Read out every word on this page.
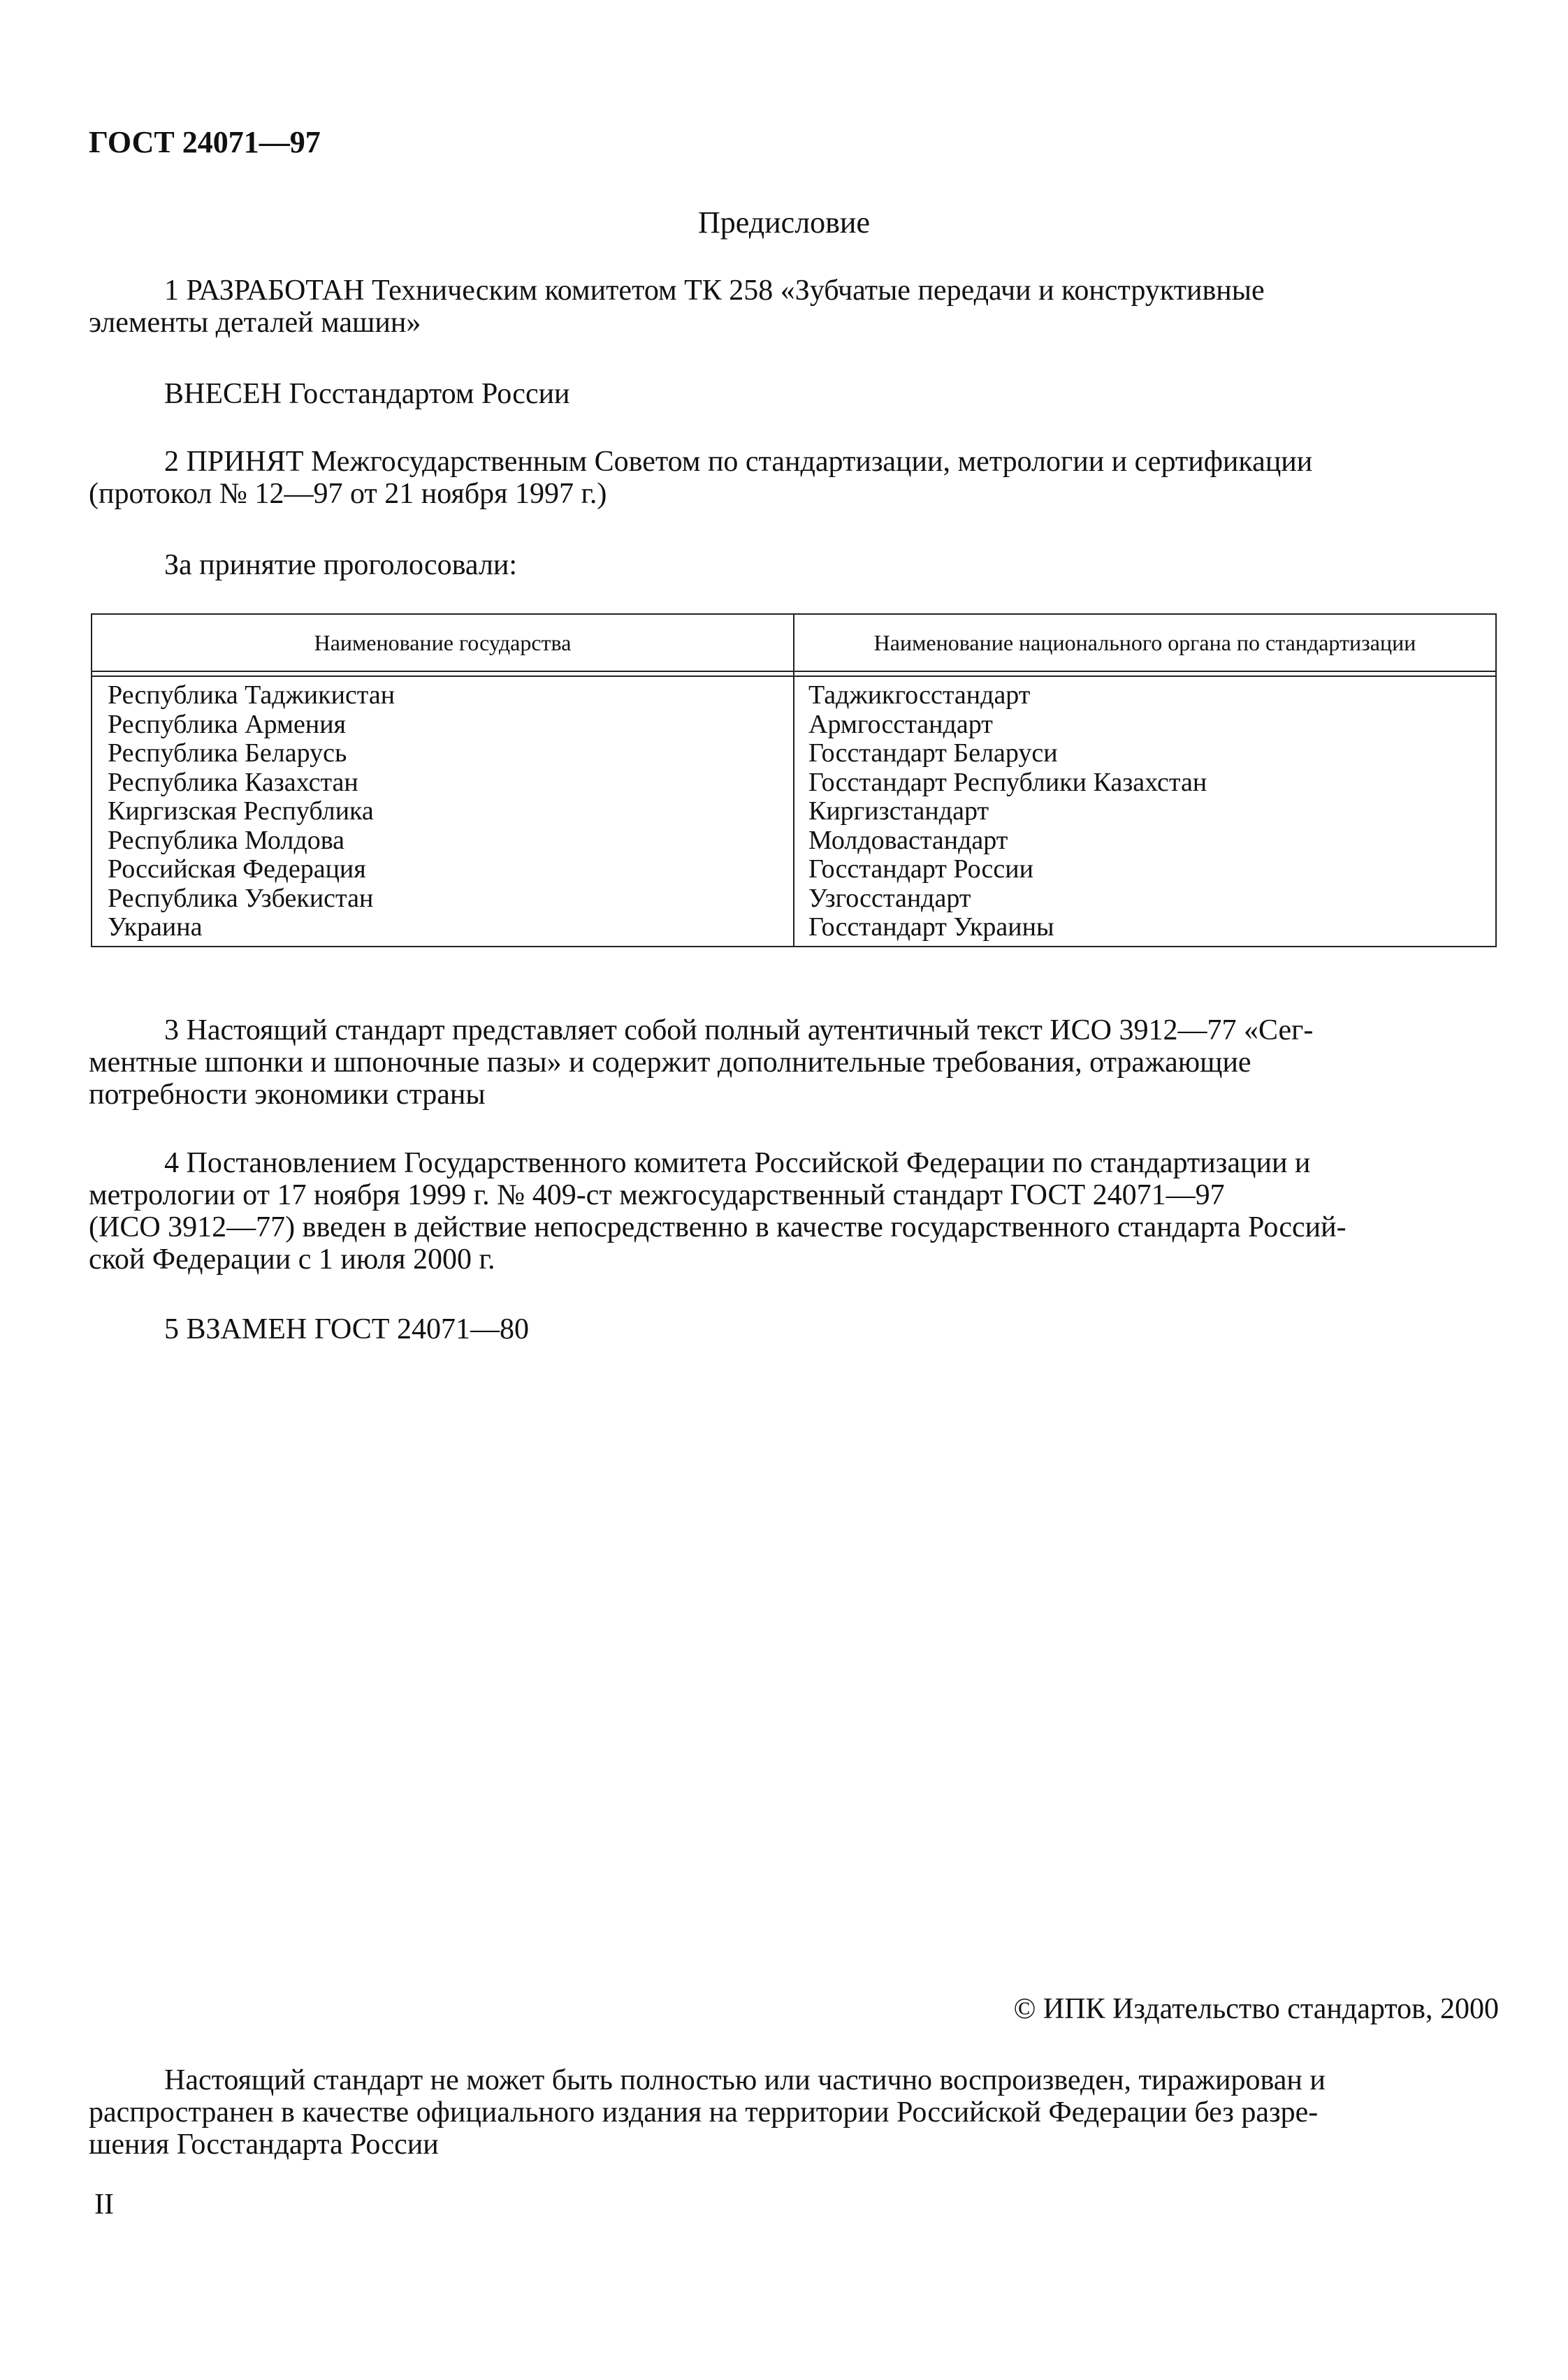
ГОСТ 24071—97
Предисловие
1 РАЗРАБОТАН Техническим комитетом ТК 258 «Зубчатые передачи и конструктивные
элементы деталей машин»
ВНЕСЕН Госстандартом России
2 ПРИНЯТ Межгосударственным Советом по стандартизации, метрологии и сертификации
(протокол № 12—97 от 21 ноября 1997 г.)
За принятие проголосовали:
Наименование государства	Наименование национального органа по стандартизации
Республика Таджикистан	Таджикгосстандарт
Республика Армения	Армгосстандарт
Республика Беларусь	Госстандарт Беларуси
Республика Казахстан	Госстандарт Республики Казахстан
Киргизская Республика	Киргизстандарт
Республика Молдова	Молдовастандарт
Российская Федерация	Госстандарт России
Республика Узбекистан	Узгосстандарт
Украина	Госстандарт Украины
3 Настоящий стандарт представляет собой полный аутентичный текст ИСО 3912—77 «Сег-
ментные шпонки и шпоночные пазы» и содержит дополнительные требования, отражающие
потребности экономики страны
4 Постановлением Государственного комитета Российской Федерации по стандартизации и
метрологии от 17 ноября 1999 г. № 409-ст межгосударственный стандарт ГОСТ 24071—97
(ИСО 3912—77) введен в действие непосредственно в качестве государственного стандарта Россий-
ской Федерации с 1 июля 2000 г.
5 ВЗАМЕН ГОСТ 24071—80
© ИПК Издательство стандартов, 2000
Настоящий стандарт не может быть полностью или частично воспроизведен, тиражирован и
распространен в качестве официального издания на территории Российской Федерации без разре-
шения Госстандарта России
II
